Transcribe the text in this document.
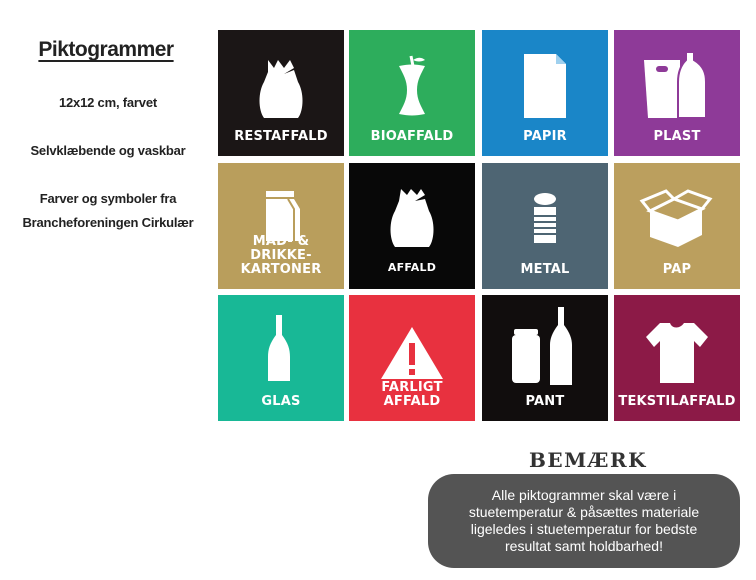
Piktogrammer
12x12 cm, farvet
Selvklæbende og vaskbar
Farver og symboler fra
Brancheforeningen Cirkulær
RESTAFFALD	BIOAFFALD	PAPIR	PLAST
MAD- & DRIKKE-
KARTONER	AFFALD	METAL	PAP
GLAS
FARLIGT AFFALD	PANT	TEKSTILAFFALD
BEMÆRK
Alle piktogrammer skal være i
stuetemperatur & påsættes materiale
ligeledes i stuetemperatur for bedste
resultat samt holdbarhed!
